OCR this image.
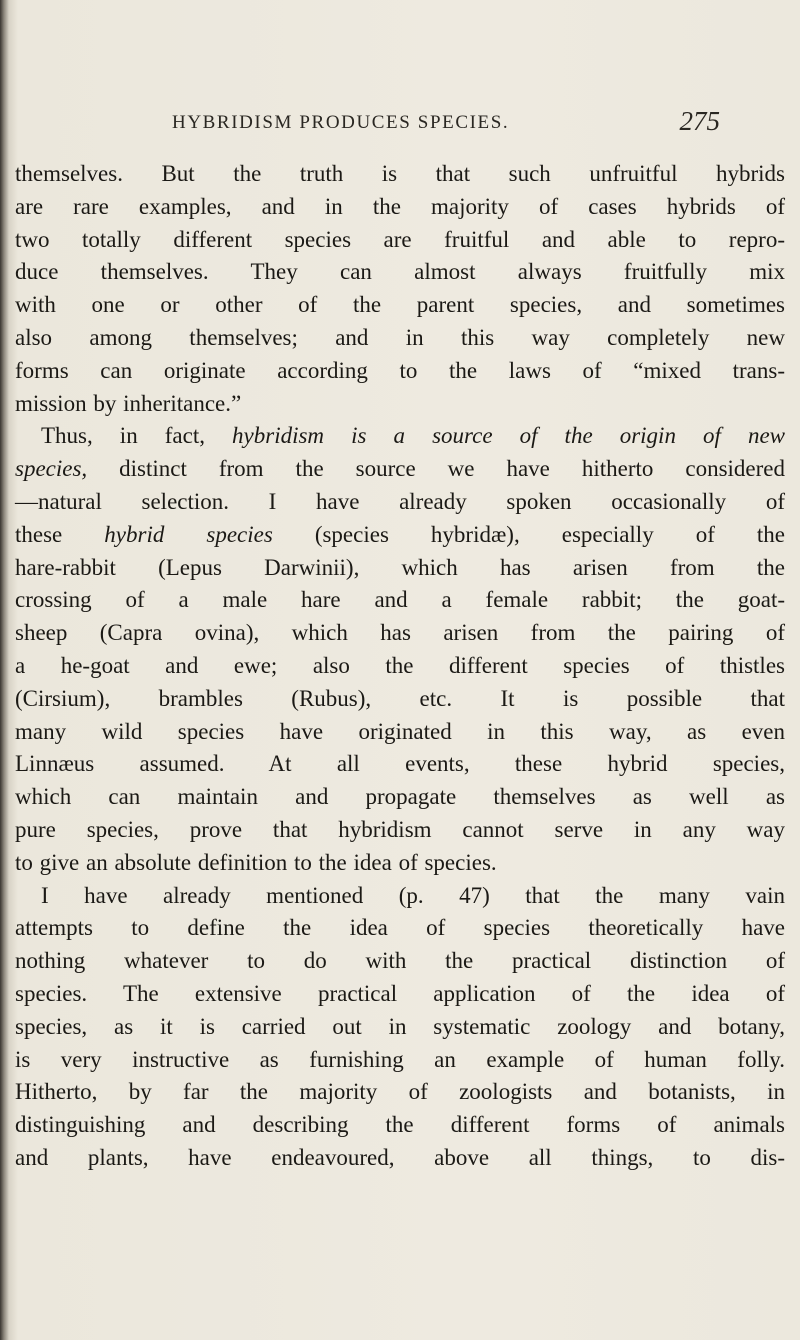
HYBRIDISM PRODUCES SPECIES.	275
themselves. But the truth is that such unfruitful hybrids
are rare examples, and in the majority of cases hybrids of
two totally different species are fruitful and able to repro-
duce themselves. They can almost always fruitfully mix
with one or other of the parent species, and sometimes
also among themselves; and in this way completely new
forms can originate according to the laws of “mixed trans-
mission by inheritance.”
Thus, in fact, hybridism is a source of the origin of new
species, distinct from the source we have hitherto considered
—natural selection. I have already spoken occasionally of
these hybrid species (species hybridæ), especially of the
hare-rabbit (Lepus Darwinii), which has arisen from the
crossing of a male hare and a female rabbit; the goat-
sheep (Capra ovina), which has arisen from the pairing of
a he-goat and ewe; also the different species of thistles
(Cirsium), brambles (Rubus), etc. It is possible that
many wild species have originated in this way, as even
Linnæus assumed. At all events, these hybrid species,
which can maintain and propagate themselves as well as
pure species, prove that hybridism cannot serve in any way
to give an absolute definition to the idea of species.
I have already mentioned (p. 47) that the many vain
attempts to define the idea of species theoretically have
nothing whatever to do with the practical distinction of
species. The extensive practical application of the idea of
species, as it is carried out in systematic zoology and botany,
is very instructive as furnishing an example of human folly.
Hitherto, by far the majority of zoologists and botanists, in
distinguishing and describing the different forms of animals
and plants, have endeavoured, above all things, to dis-
